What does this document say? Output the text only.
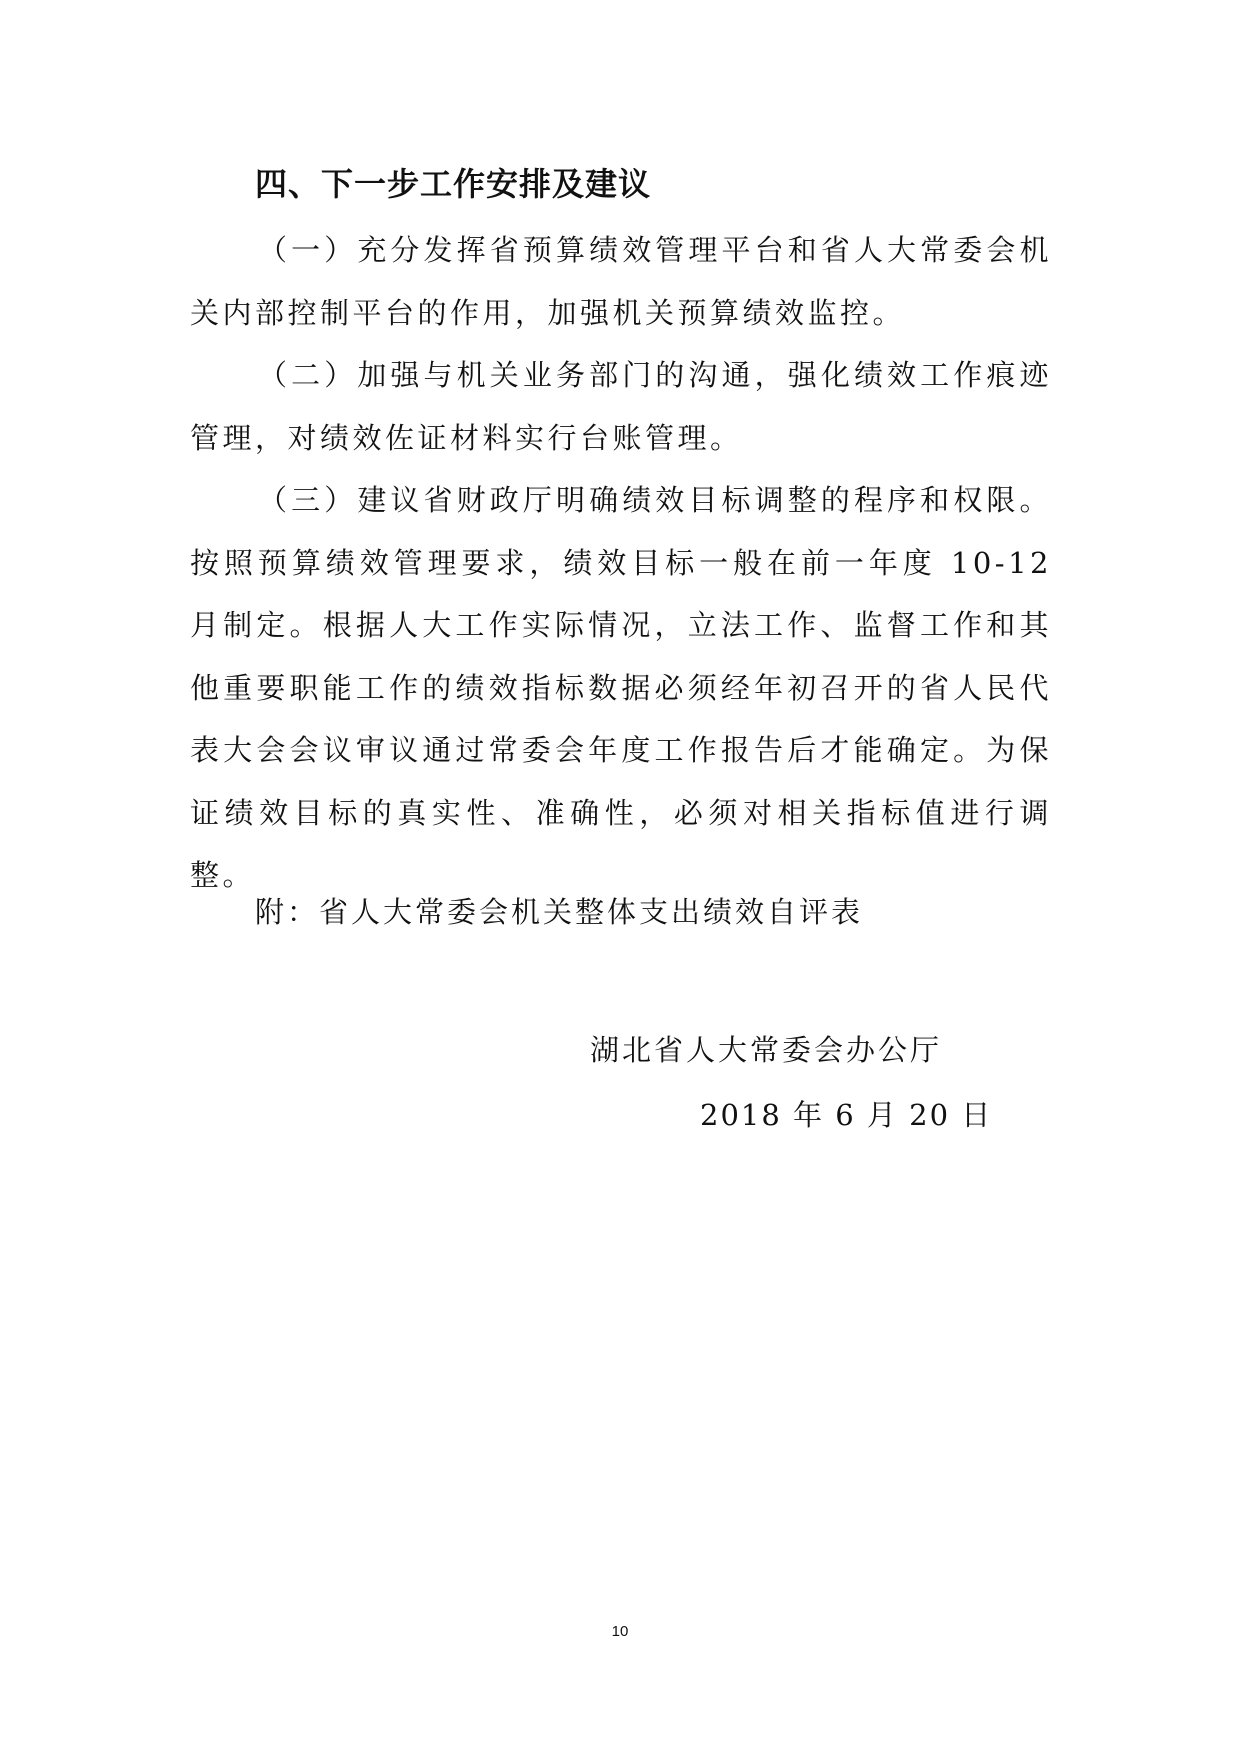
四、下一步工作安排及建议
（一）充分发挥省预算绩效管理平台和省人大常委会机关内部控制平台的作用，加强机关预算绩效监控。
（二）加强与机关业务部门的沟通，强化绩效工作痕迹管理，对绩效佐证材料实行台账管理。
（三）建议省财政厅明确绩效目标调整的程序和权限。按照预算绩效管理要求，绩效目标一般在前一年度 10-12 月制定。根据人大工作实际情况，立法工作、监督工作和其他重要职能工作的绩效指标数据必须经年初召开的省人民代表大会会议审议通过常委会年度工作报告后才能确定。为保证绩效目标的真实性、准确性，必须对相关指标值进行调整。
附：省人大常委会机关整体支出绩效自评表
湖北省人大常委会办公厅
2018 年 6 月 20 日
10
